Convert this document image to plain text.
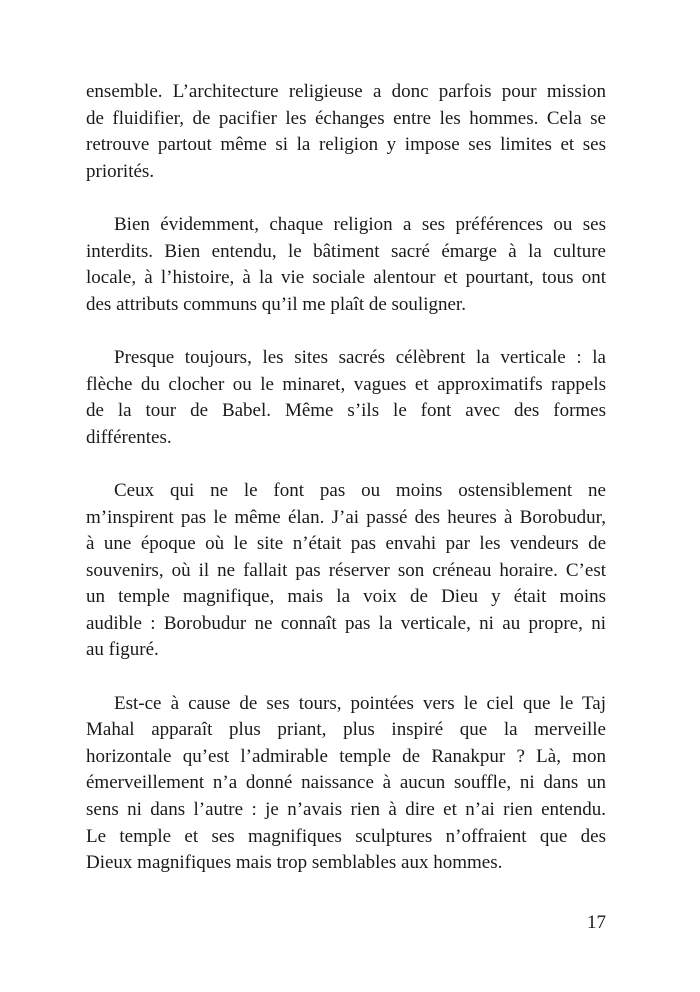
ensemble. L’architecture religieuse a donc parfois pour mission
de fluidifier, de pacifier les échanges entre les hommes. Cela se
retrouve partout même si la religion y impose ses limites et ses
priorités.
Bien évidemment, chaque religion a ses préférences ou ses
interdits. Bien entendu, le bâtiment sacré émarge à la culture
locale, à l’histoire, à la vie sociale alentour et pourtant, tous ont
des attributs communs qu’il me plaît de souligner.
Presque toujours, les sites sacrés célèbrent la verticale : la
flèche du clocher ou le minaret, vagues et approximatifs rappels
de la tour de Babel. Même s’ils le font avec des formes
différentes.
Ceux qui ne le font pas ou moins ostensiblement ne
m’inspirent pas le même élan. J’ai passé des heures à Borobudur,
à une époque où le site n’était pas envahi par les vendeurs de
souvenirs, où il ne fallait pas réserver son créneau horaire. C’est
un temple magnifique, mais la voix de Dieu y était moins
audible : Borobudur ne connaît pas la verticale, ni au propre, ni
au figuré.
Est-ce à cause de ses tours, pointées vers le ciel que le Taj
Mahal apparaît plus priant, plus inspiré que la merveille
horizontale qu’est l’admirable temple de Ranakpur ? Là, mon
émerveillement n’a donné naissance à aucun souffle, ni dans un
sens ni dans l’autre : je n’avais rien à dire et n’ai rien entendu.
Le temple et ses magnifiques sculptures n’offraient que des
Dieux magnifiques mais trop semblables aux hommes.
17
